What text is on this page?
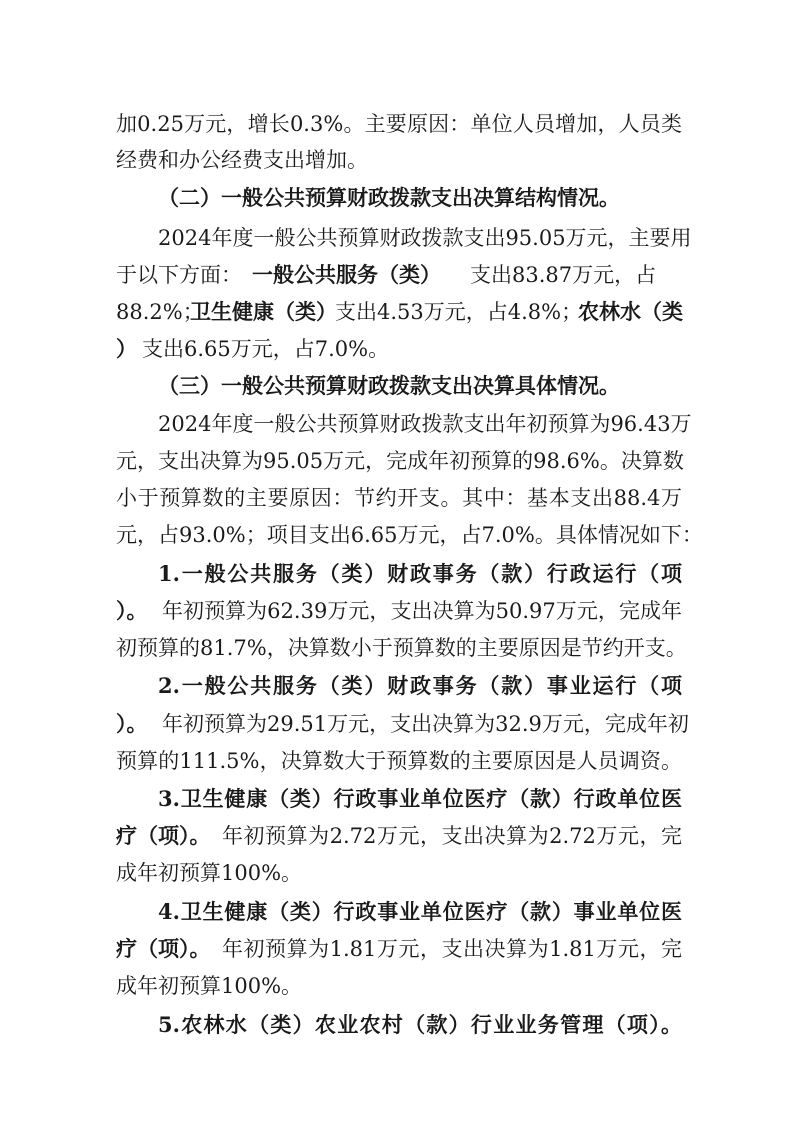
加0.25万元，增长0.3%。主要原因：单位人员增加，人员类
经费和办公经费支出增加。
（二）一般公共预算财政拨款支出决算结构情况。
2024年度一般公共预算财政拨款支出95.05万元，主要用
于以下方面： 一般公共服务（类） 支出83.87万元，占
88.2%；
卫生健康（类）
支出4.53万元，占4.8%；
农林水（类
） 支出6.65万元，占7.0%。
（三）一般公共预算财政拨款支出决算具体情况。
2024年度一般公共预算财政拨款支出年初预算为96.43万
元，支出决算为95.05万元，完成年初预算的98.6%。决算数
小于预算数的主要原因：节约开支。其中：基本支出88.4万
元，占93.0%；项目支出6.65万元，占7.0%。具体情况如下：
1.一般公共服务（类）财政事务（款）行政运行（项
）。 年初预算为62.39万元，支出决算为50.97万元，完成年
初预算的81.7%，决算数小于预算数的主要原因是节约开支。
2.一般公共服务（类）财政事务（款）事业运行（项
）。 年初预算为29.51万元，支出决算为32.9万元，完成年初
预算的111.5%，决算数大于预算数的主要原因是人员调资。
3.卫生健康（类）行政事业单位医疗（款）行政单位医
疗（项）。 年初预算为2.72万元，支出决算为2.72万元，完
成年初预算100%。
4.卫生健康（类）行政事业单位医疗（款）事业单位医
疗（项）。 年初预算为1.81万元，支出决算为1.81万元，完
成年初预算100%。
5.农林水（类）农业农村（款）行业业务管理（项）。
